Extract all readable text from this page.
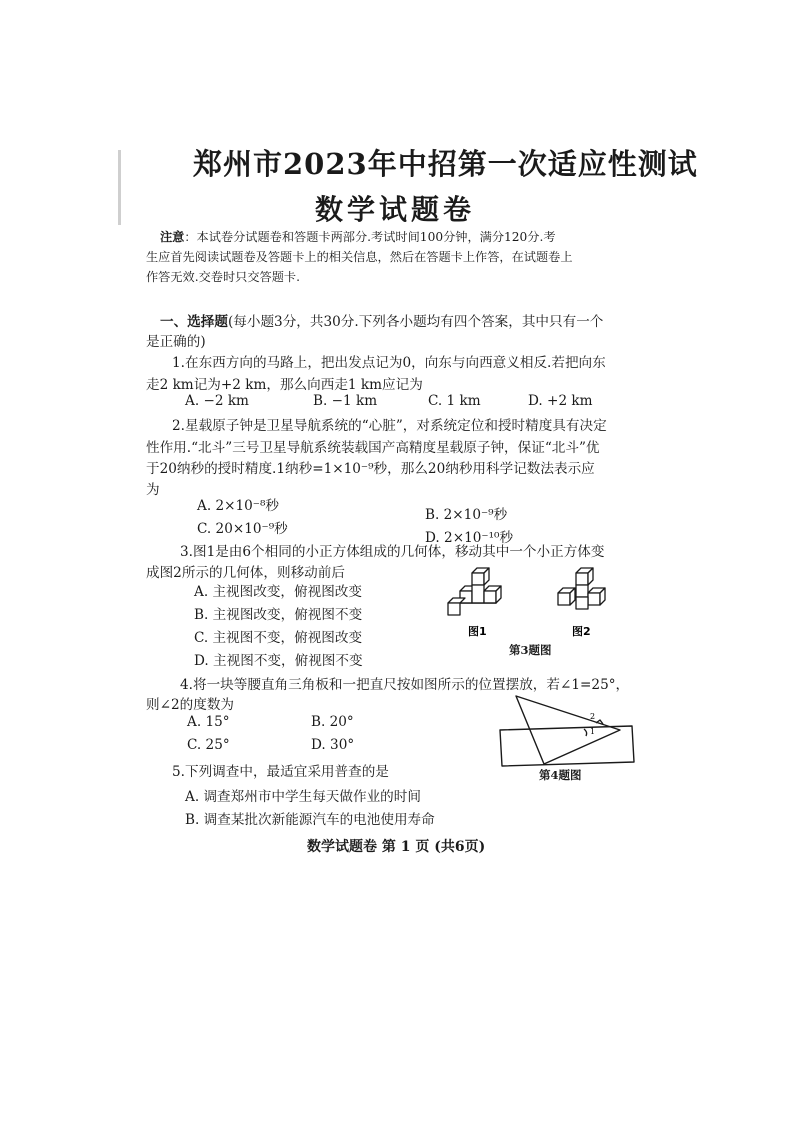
郑州市2023年中招第一次适应性测试
数学试题卷
注意：本试卷分试题卷和答题卡两部分.考试时间100分钟，满分120分.考
生应首先阅读试题卷及答题卡上的相关信息，然后在答题卡上作答，在试题卷上
作答无效.交卷时只交答题卡.
一、选择题(每小题3分，共30分.下列各小题均有四个答案，其中只有一个
是正确的)
1.在东西方向的马路上，把出发点记为0，向东与向西意义相反.若把向东
走2 km记为+2 km，那么向西走1 km应记为
A. −2 km	B. −1 km	C. 1 km	D. +2 km
2.星载原子钟是卫星导航系统的“心脏”，对系统定位和授时精度具有决定
性作用.“北斗”三号卫星导航系统装载国产高精度星载原子钟，保证“北斗”优
于20纳秒的授时精度.1纳秒=1×10⁻⁹秒，那么20纳秒用科学记数法表示应
为
A. 2×10⁻⁸秒
B. 2×10⁻⁹秒
C. 20×10⁻⁹秒
D. 2×10⁻¹⁰秒
3.图1是由6个相同的小正方体组成的几何体，移动其中一个小正方体变
成图2所示的几何体，则移动前后
A. 主视图改变，俯视图改变
B. 主视图改变，俯视图不变
C. 主视图不变，俯视图改变
D. 主视图不变，俯视图不变
图1	图2
第3题图
4.将一块等腰直角三角板和一把直尺按如图所示的位置摆放，若∠1=25°，
则∠2的度数为
A. 15°	B. 20°
C. 25°	D. 30°
1
2
第4题图
5.下列调查中，最适宜采用普查的是
A. 调查郑州市中学生每天做作业的时间
B. 调查某批次新能源汽车的电池使用寿命
数学试题卷 第 1 页 (共6页)
